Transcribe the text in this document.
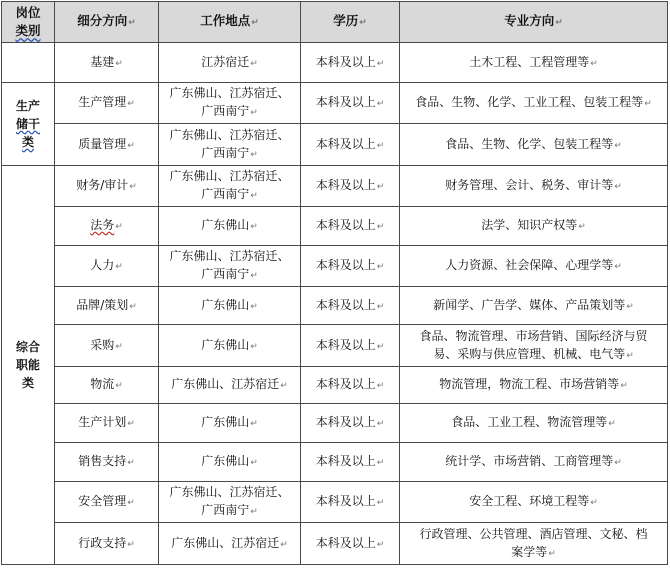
岗位
类别	细分方向↵	工作地点↵	学历↵	专业方向↵
	基建↵	江苏宿迁↵	本科及以上↵	土木工程、工程管理等↵
生产
储干
类	生产管理↵	广东佛山、江苏宿迁、
广西南宁↵	本科及以上↵	食品、生物、化学、工业工程、包装工程等↵
	质量管理↵	广东佛山、江苏宿迁、
广西南宁↵	本科及以上↵	食品、生物、化学、包装工程等↵
综合
职能
类	财务/审计↵	广东佛山、江苏宿迁、
广西南宁↵	本科及以上↵	财务管理、会计、税务、审计等↵
	法务↵	广东佛山↵	本科及以上↵	法学、知识产权等↵
	人力↵	广东佛山、江苏宿迁、
广西南宁↵	本科及以上↵	人力资源、社会保障、心理学等↵
	品牌/策划↵	广东佛山↵	本科及以上↵	新闻学、广告学、媒体、产品策划等↵
	采购↵	广东佛山↵	本科及以上↵	食品、物流管理、市场营销、国际经济与贸
易、采购与供应管理、机械、电气等↵
	物流↵	广东佛山、江苏宿迁↵	本科及以上↵	物流管理，物流工程、市场营销等↵
	生产计划↵	广东佛山↵	本科及以上↵	食品、工业工程、物流管理等↵
	销售支持↵	广东佛山↵	本科及以上↵	统计学、市场营销、工商管理等↵
	安全管理↵	广东佛山、江苏宿迁、
广西南宁↵	本科及以上↵	安全工程、环境工程等↵
	行政支持↵	广东佛山、江苏宿迁↵	本科及以上↵	行政管理、公共管理、酒店管理、文秘、档
案学等↵
